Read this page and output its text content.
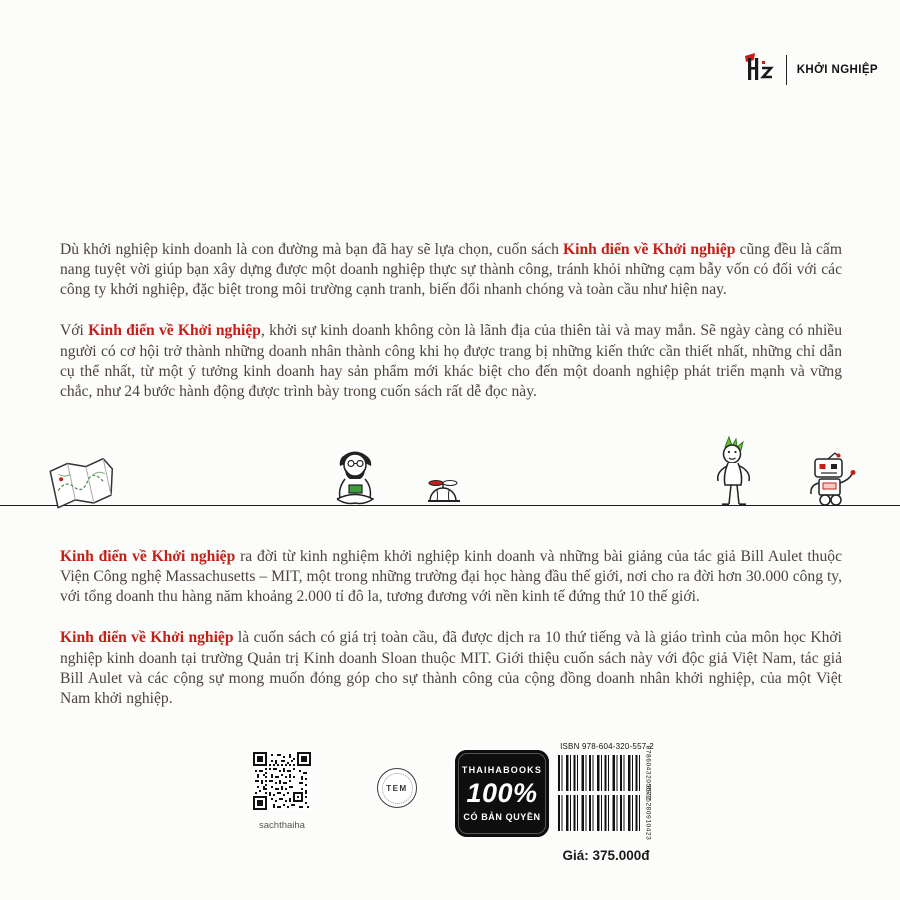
KHỞI NGHIỆP

Dù khởi nghiệp kinh doanh là con đường mà bạn đã hay sẽ lựa chọn, cuốn sách Kinh điển về Khởi nghiệp cũng đều là cẩm nang tuyệt vời giúp bạn xây dựng được một doanh nghiệp thực sự thành công, tránh khỏi những cạm bẫy vốn có đối với các công ty khởi nghiệp, đặc biệt trong môi trường cạnh tranh, biến đổi nhanh chóng và toàn cầu như hiện nay.

Với Kinh điển về Khởi nghiệp, khởi sự kinh doanh không còn là lãnh địa của thiên tài và may mắn. Sẽ ngày càng có nhiều người có cơ hội trở thành những doanh nhân thành công khi họ được trang bị những kiến thức cần thiết nhất, những chỉ dẫn cụ thể nhất, từ một ý tưởng kinh doanh hay sản phẩm mới khác biệt cho đến một doanh nghiệp phát triển mạnh và vững chắc, như 24 bước hành động được trình bày trong cuốn sách rất dễ đọc này.

Kinh điển về Khởi nghiệp ra đời từ kinh nghiệm khởi nghiệp kinh doanh và những bài giảng của tác giả Bill Aulet thuộc Viện Công nghệ Massachusetts – MIT, một trong những trường đại học hàng đầu thế giới, nơi cho ra đời hơn 30.000 công ty, với tổng doanh thu hàng năm khoảng 2.000 tỉ đô la, tương đương với nền kinh tế đứng thứ 10 thế giới.

Kinh điển về Khởi nghiệp là cuốn sách có giá trị toàn cầu, đã được dịch ra 10 thứ tiếng và là giáo trình của môn học Khởi nghiệp kinh doanh tại trường Quản trị Kinh doanh Sloan thuộc MIT. Giới thiệu cuốn sách này với độc giả Việt Nam, tác giả Bill Aulet và các cộng sự mong muốn đóng góp cho sự thành công của cộng đồng doanh nhân khởi nghiệp, của một Việt Nam khởi nghiệp.

sachthaiha
TEM
THAIHABOOKS
100%
CÓ BẢN QUYỀN
ISBN 978-604-320-557-2
9786043205572
8935280910423
Giá: 375.000đ
